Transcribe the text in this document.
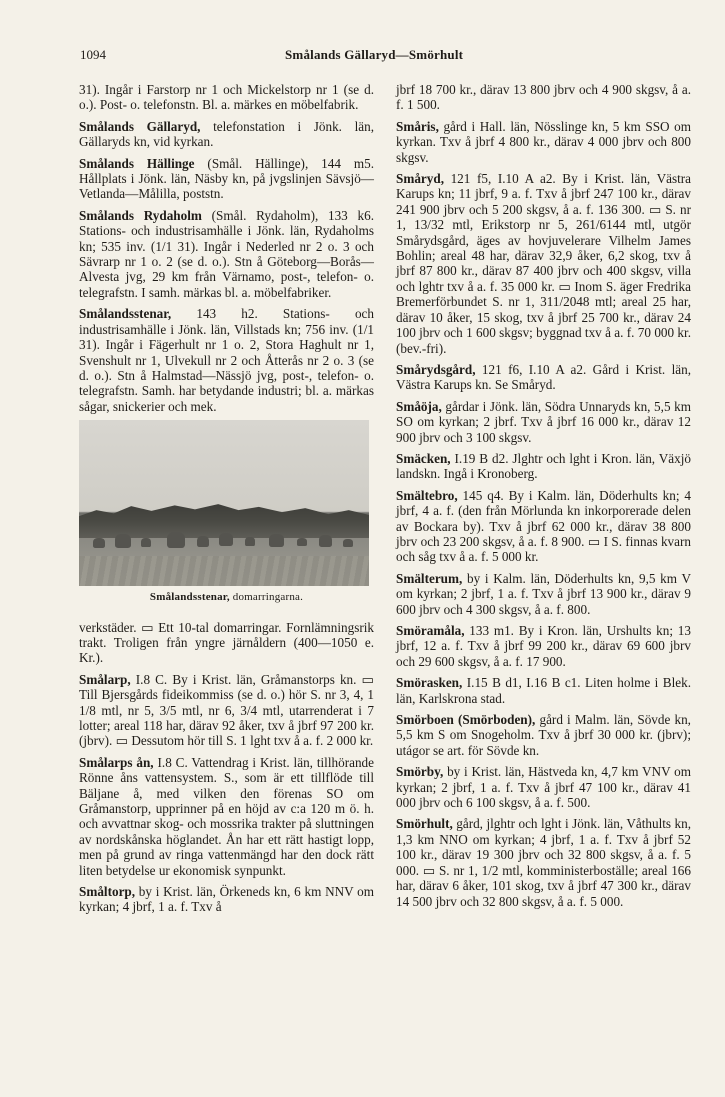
1094	Smålands Gällaryd—Smörhult

31). Ingår i Farstorp nr 1 och Mickelstorp nr 1 (se d. o.). Post- o. telefonstn. Bl. a. märkes en möbelfabrik.

Smålands Gällaryd, telefonstation i Jönk. län, Gällaryds kn, vid kyrkan.

Smålands Hällinge (Smål. Hällinge), 144 m5. Hållplats i Jönk. län, Näsby kn, på jvgslinjen Sävsjö—Vetlanda—Målilla, poststn.

Smålands Rydaholm (Smål. Rydaholm), 133 k6. Stations- och industrisamhälle i Jönk. län, Rydaholms kn; 535 inv. (1/1 31). Ingår i Nederled nr 2 o. 3 och Sävrarp nr 1 o. 2 (se d. o.). Stn å Göteborg—Borås—Alvesta jvg, 29 km från Värnamo, post-, telefon- o. telegrafstn. I samh. märkas bl. a. möbelfabriker.

Smålandsstenar, 143 h2. Stations- och industrisamhälle i Jönk. län, Villstads kn; 756 inv. (1/1 31). Ingår i Fägerhult nr 1 o. 2, Stora Haghult nr 1, Svenshult nr 1, Ulvekull nr 2 och Åtterås nr 2 o. 3 (se d. o.). Stn å Halmstad—Nässjö jvg, post-, telefon- o. telegrafstn. Samh. har betydande industri; bl. a. märkas sågar, snickerier och mek.

Smålandsstenar, domarringarna.

verkstäder. ▭ Ett 10-tal domarringar. Fornlämningsrik trakt. Troligen från yngre järnåldern (400—1050 e. Kr.).

Smålarp, I.8 C. By i Krist. län, Gråmanstorps kn. ▭ Till Bjersgårds fideikommiss (se d. o.) hör S. nr 3, 4, 1 1/8 mtl, nr 5, 3/5 mtl, nr 6, 3/4 mtl, utarrenderat i 7 lotter; areal 118 har, därav 92 åker, txv å jbrf 97 200 kr. (jbrv). ▭ Dessutom hör till S. 1 lght txv å a. f. 2 000 kr.

Smålarps ån, I.8 C. Vattendrag i Krist. län, tillhörande Rönne åns vattensystem. S., som är ett tillflöde till Bäljane å, med vilken den förenas SO om Gråmanstorp, upprinner på en höjd av c:a 120 m ö. h. och avvattnar skog- och mossrika trakter på sluttningen av nordskånska höglandet. Ån har ett rätt hastigt lopp, men på grund av ringa vattenmängd har den dock rätt liten betydelse ur ekonomisk synpunkt.

Småltorp, by i Krist. län, Örkeneds kn, 6 km NNV om kyrkan; 4 jbrf, 1 a. f. Txv å

jbrf 18 700 kr., därav 13 800 jbrv och 4 900 skgsv, å a. f. 1 500.

Småris, gård i Hall. län, Nösslinge kn, 5 km SSO om kyrkan. Txv å jbrf 4 800 kr., därav 4 000 jbrv och 800 skgsv.

Småryd, 121 f5, I.10 A a2. By i Krist. län, Västra Karups kn; 11 jbrf, 9 a. f. Txv å jbrf 247 100 kr., därav 241 900 jbrv och 5 200 skgsv, å a. f. 136 300. ▭ S. nr 1, 13/32 mtl, Erikstorp nr 5, 261/6144 mtl, utgör Smårydsgård, äges av hovjuvelerare Vilhelm James Bohlin; areal 48 har, därav 32,9 åker, 6,2 skog, txv å jbrf 87 800 kr., därav 87 400 jbrv och 400 skgsv, villa och lghtr txv å a. f. 35 000 kr. ▭ Inom S. äger Fredrika Bremerförbundet S. nr 1, 311/2048 mtl; areal 25 har, därav 10 åker, 15 skog, txv å jbrf 25 700 kr., därav 24 100 jbrv och 1 600 skgsv; byggnad txv å a. f. 70 000 kr. (bev.-fri).

Smårydsgård, 121 f6, I.10 A a2. Gård i Krist. län, Västra Karups kn. Se Småryd.

Småöja, gårdar i Jönk. län, Södra Unnaryds kn, 5,5 km SO om kyrkan; 2 jbrf. Txv å jbrf 16 000 kr., därav 12 900 jbrv och 3 100 skgsv.

Smäcken, I.19 B d2. Jlghtr och lght i Kron. län, Växjö landskn. Ingå i Kronoberg.

Smältebro, 145 q4. By i Kalm. län, Döderhults kn; 4 jbrf, 4 a. f. (den från Mörlunda kn inkorporerade delen av Bockara by). Txv å jbrf 62 000 kr., därav 38 800 jbrv och 23 200 skgsv, å a. f. 8 900. ▭ I S. finnas kvarn och såg txv å a. f. 5 000 kr.

Smälterum, by i Kalm. län, Döderhults kn, 9,5 km V om kyrkan; 2 jbrf, 1 a. f. Txv å jbrf 13 900 kr., därav 9 600 jbrv och 4 300 skgsv, å a. f. 800.

Smöramåla, 133 m1. By i Kron. län, Urshults kn; 13 jbrf, 12 a. f. Txv å jbrf 99 200 kr., därav 69 600 jbrv och 29 600 skgsv, å a. f. 17 900.

Smörasken, I.15 B d1, I.16 B c1. Liten holme i Blek. län, Karlskrona stad.

Smörboen (Smörboden), gård i Malm. län, Sövde kn, 5,5 km S om Snogeholm. Txv å jbrf 30 000 kr. (jbrv); utágor se art. för Sövde kn.

Smörby, by i Krist. län, Hästveda kn, 4,7 km VNV om kyrkan; 2 jbrf, 1 a. f. Txv å jbrf 47 100 kr., därav 41 000 jbrv och 6 100 skgsv, å a. f. 500.

Smörhult, gård, jlghtr och lght i Jönk. län, Våthults kn, 1,3 km NNO om kyrkan; 4 jbrf, 1 a. f. Txv å jbrf 52 100 kr., därav 19 300 jbrv och 32 800 skgsv, å a. f. 5 000. ▭ S. nr 1, 1/2 mtl, komministerboställe; areal 166 har, därav 6 åker, 101 skog, txv å jbrf 47 300 kr., därav 14 500 jbrv och 32 800 skgsv, å a. f. 5 000.
